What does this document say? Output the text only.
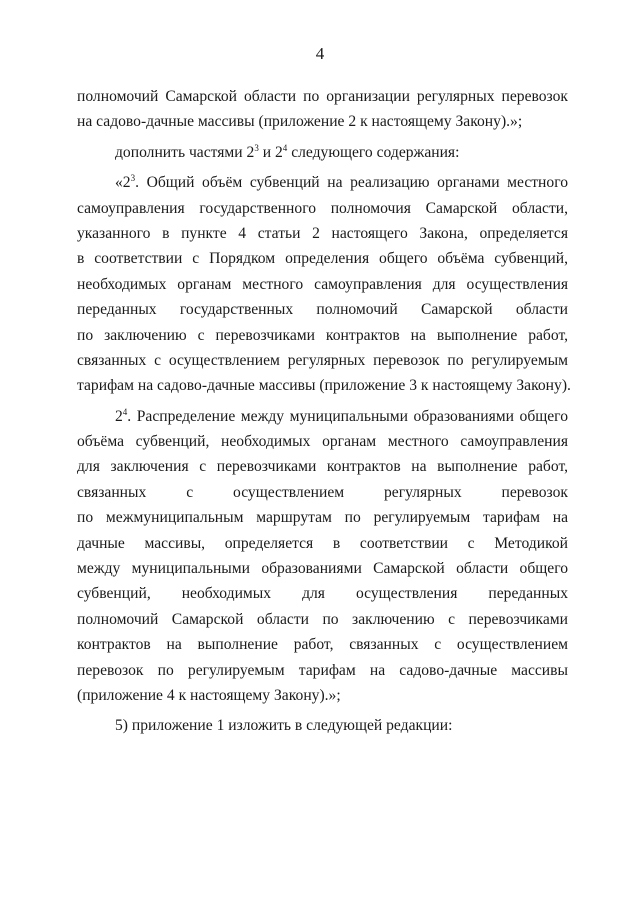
4
полномочий Самарской области по организации регулярных перевозок
на садово-дачные массивы (приложение 2 к настоящему Закону).»;
дополнить частями $2^3$ и $2^4$ следующего содержания:
«$2^3$. Общий объём субвенций на реализацию органами местного
самоуправления государственного полномочия Самарской области,
указанного в пункте 4 статьи 2 настоящего Закона, определяется
в соответствии с Порядком определения общего объёма субвенций,
необходимых органам местного самоуправления для осуществления
переданных государственных полномочий Самарской области
по заключению с перевозчиками контрактов на выполнение работ,
связанных с осуществлением регулярных перевозок по регулируемым
тарифам на садово-дачные массивы (приложение 3 к настоящему Закону).
$2^4$. Распределение между муниципальными образованиями общего
объёма субвенций, необходимых органам местного самоуправления
для заключения с перевозчиками контрактов на выполнение работ,
связанных с осуществлением регулярных перевозок
по межмуниципальным маршрутам по регулируемым тарифам на
дачные массивы, определяется в соответствии с Методикой
между муниципальными образованиями Самарской области общего
субвенций, необходимых для осуществления переданных
полномочий Самарской области по заключению с перевозчиками
контрактов на выполнение работ, связанных с осуществлением
перевозок по регулируемым тарифам на садово-дачные массивы
(приложение 4 к настоящему Закону).»;
5) приложение 1 изложить в следующей редакции:
